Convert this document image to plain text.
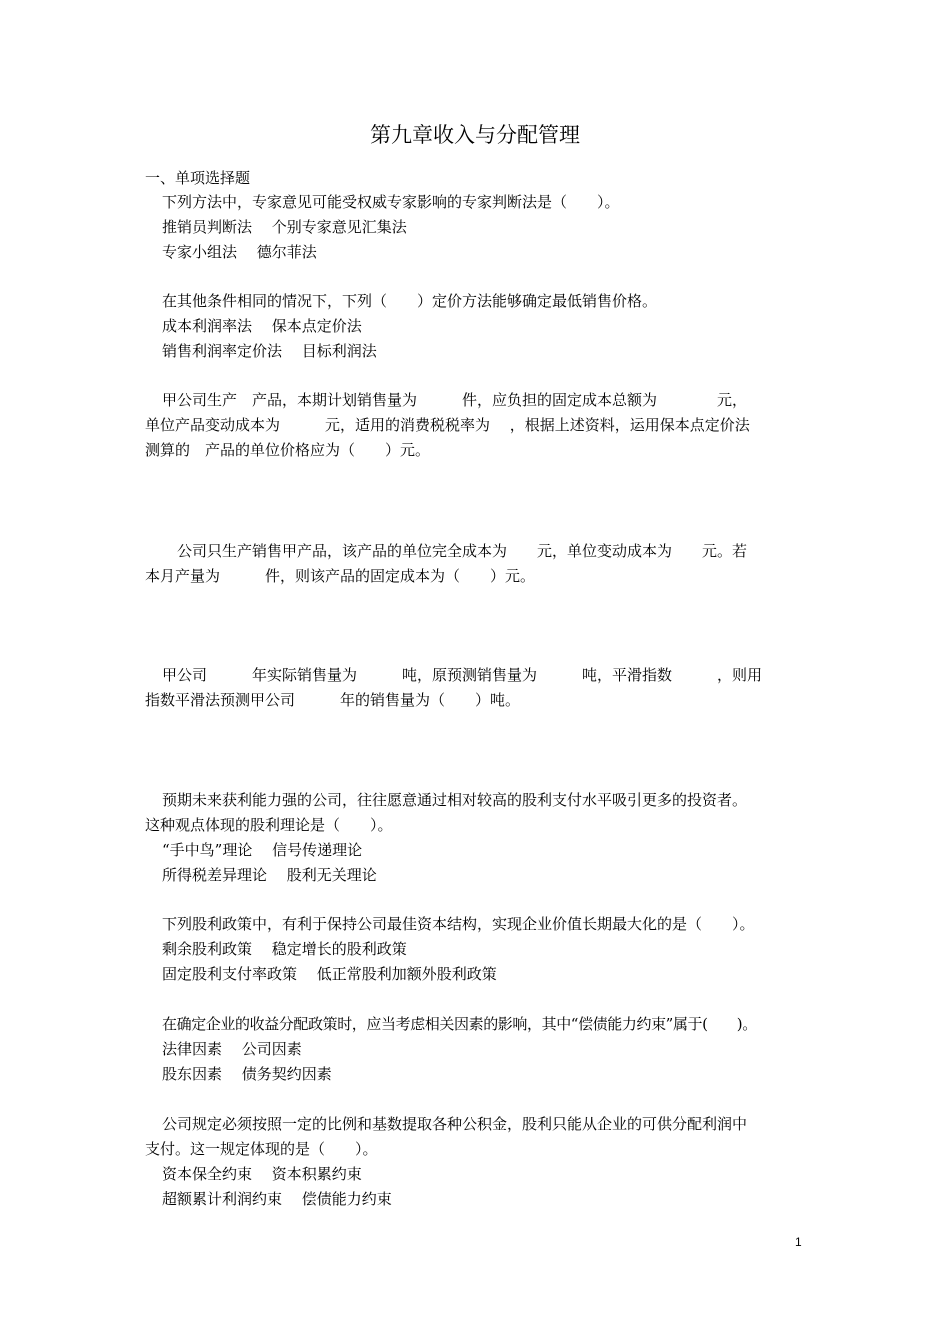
第九章收入与分配管理
一、单项选择题
下列方法中，专家意见可能受权威专家影响的专家判断法是（　　）。
推销员判断法　 个别专家意见汇集法
专家小组法　 德尔菲法
在其他条件相同的情况下，下列（　　）定价方法能够确定最低销售价格。
成本利润率法　 保本点定价法
销售利润率定价法　 目标利润法
甲公司生产　产品，本期计划销售量为　　　件，应负担的固定成本总额为　　　　元，
单位产品变动成本为　　　元，适用的消费税税率为　 ，根据上述资料，运用保本点定价法
测算的　产品的单位价格应为（　　）元。
　公司只生产销售甲产品，该产品的单位完全成本为　　元，单位变动成本为　　元。若
本月产量为　　　件，则该产品的固定成本为（　　）元。
甲公司　　　年实际销售量为　　　吨，原预测销售量为　　　吨，平滑指数　　　，则用
指数平滑法预测甲公司　　　年的销售量为（　　）吨。
预期未来获利能力强的公司，往往愿意通过相对较高的股利支付水平吸引更多的投资者。
这种观点体现的股利理论是（　　）。
“手中鸟”理论　 信号传递理论
所得税差异理论　 股利无关理论
下列股利政策中，有利于保持公司最佳资本结构，实现企业价值长期最大化的是（　　）。
剩余股利政策　 稳定增长的股利政策
固定股利支付率政策　 低正常股利加额外股利政策
在确定企业的收益分配政策时，应当考虑相关因素的影响，其中“偿债能力约束”属于(　　)。
法律因素　 公司因素
股东因素　 债务契约因素
公司规定必须按照一定的比例和基数提取各种公积金，股利只能从企业的可供分配利润中
支付。这一规定体现的是（　　）。
资本保全约束　 资本积累约束
超额累计利润约束　 偿债能力约束
1
